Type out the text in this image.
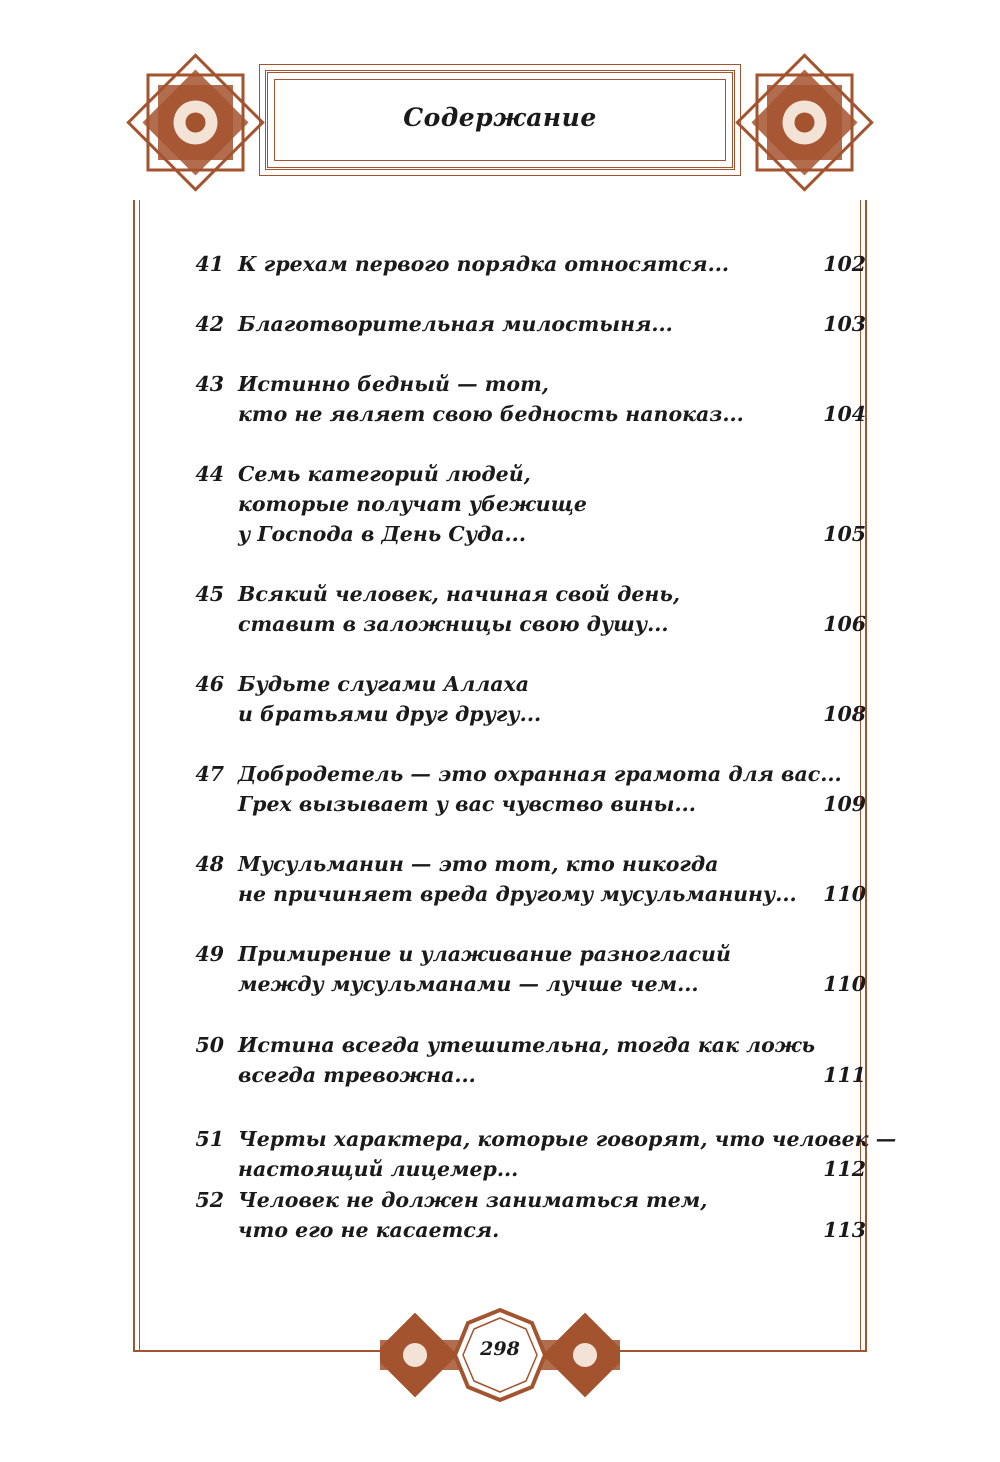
Содержание
41 К грехам первого порядка относятся...	102
42 Благотворительная милостыня...	103
43 Истинно бедный — тот,
кто не являет свою бедность напоказ...	104
44 Семь категорий людей,
которые получат убежище
у Господа в День Суда...	105
45 Всякий человек, начиная свой день,
ставит в заложницы свою душу...	106
46 Будьте слугами Аллаха
и братьями друг другу...	108
47 Добродетель — это охранная грамота для вас...
Грех вызывает у вас чувство вины...	109
48 Мусульманин — это тот, кто никогда
не причиняет вреда другому мусульманину... 110
49 Примирение и улаживание разногласий
между мусульманами — лучше чем...	110
50 Истина всегда утешительна, тогда как ложь
всегда тревожна...	111
51 Черты характера, которые говорят, что человек —
настоящий лицемер...	112
52 Человек не должен заниматься тем,
что его не касается.	113
298
